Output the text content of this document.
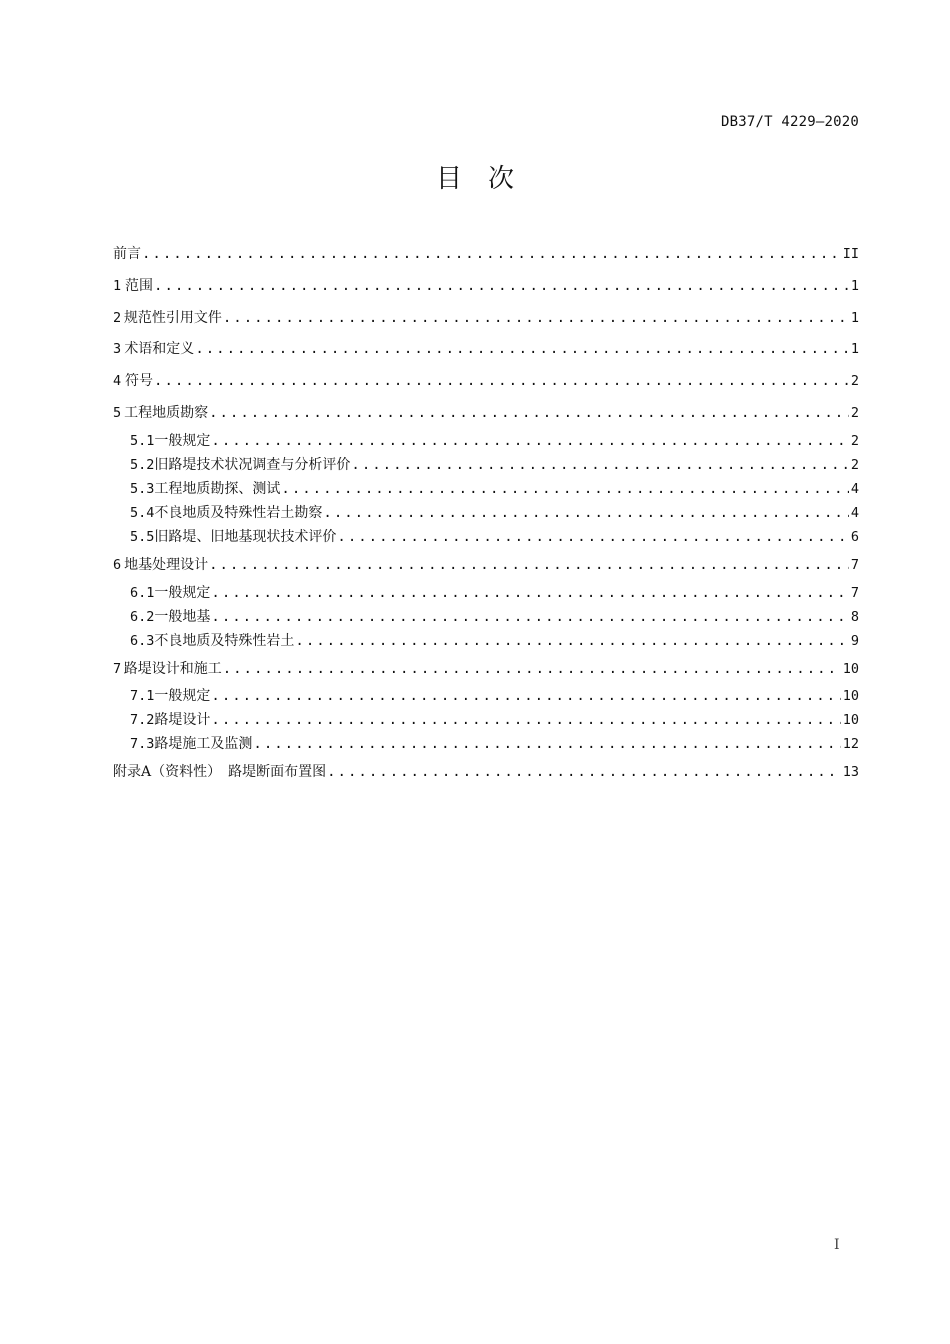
DB37/T 4229—2020
目次
前言 .....	II
1 范围 .....	1
2 规范性引用文件 .....	1
3 术语和定义 .....	1
4 符号 .....	2
5 工程地质勘察 .....	2
5.1 一般规定 .....	2
5.2 旧路堤技术状况调查与分析评价 .....	2
5.3 工程地质勘探、测试 .....	4
5.4 不良地质及特殊性岩土勘察 .....	4
5.5 旧路堤、旧地基现状技术评价 .....	6
6 地基处理设计 .....	7
6.1 一般规定 .....	7
6.2 一般地基 .....	8
6.3 不良地质及特殊性岩土 .....	9
7 路堤设计和施工 .....	10
7.1 一般规定 .....	10
7.2 路堤设计 .....	10
7.3 路堤施工及监测 .....	12
附录A（资料性）　路堤断面布置图 .....	13
I
